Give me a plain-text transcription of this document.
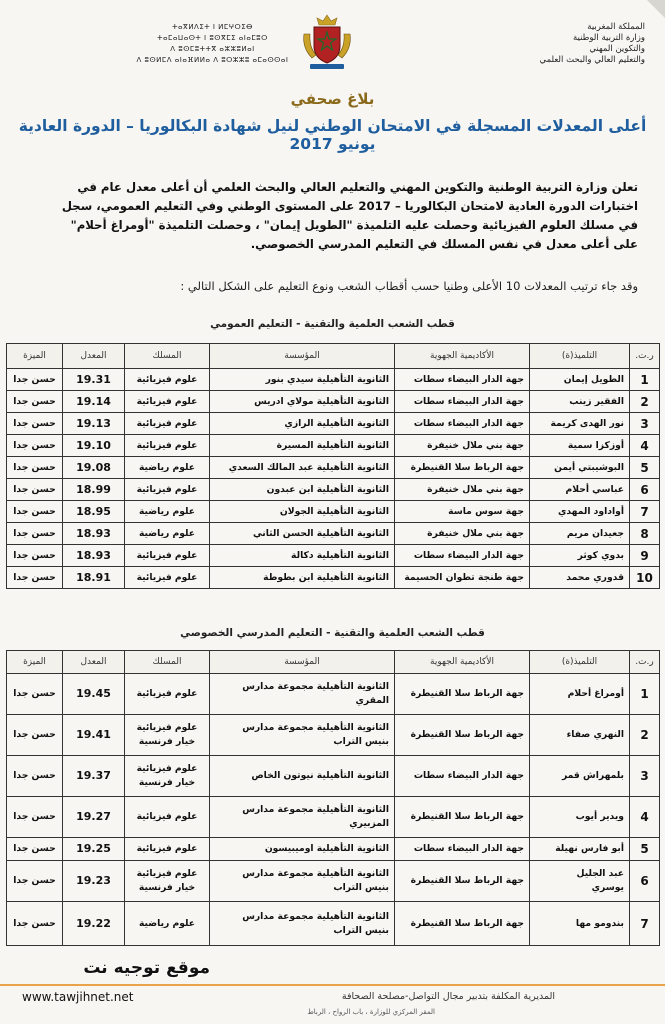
المملكة المغربية
وزارة التربية الوطنية
والتكوين المهني
والتعليم العالي والبحث العلمي
ⵜⴰⴳⵍⴷⵉⵜ ⵏ ⵍⵎⵖⵔⵉⴱ
ⵜⴰⵎⴰⵡⴰⵙⵜ ⵏ ⵓⵙⴳⵎⵉ ⴰⵏⴰⵎⵓⵔ
ⴷ ⵓⵙⵎⵓⵜⵜⴳ ⴰⵣⵣⵓⵍⴰⵏ
ⴷ ⵓⵙⵍⵎⴷ ⴰⵏⴰⴼⵍⵍⴰ ⴷ ⵓⵔⵣⵣⵓ ⴰⵎⴰⵙⵙⴰⵏ
بلاغ صحفي
أعلى المعدلات المسجلة في الامتحان الوطني لنيل شهادة البكالوريا – الدورة العادية يونيو 2017

تعلن وزارة التربية الوطنية والتكوين المهني والتعليم العالي والبحث العلمي أن أعلى معدل عام في

اختبارات الدورة العادية لامتحان البكالوريا – 2017 على المستوى الوطني وفي التعليم العمومي، سجل

في مسلك العلوم الفيزيائية وحصلت عليه التلميذة "الطويل إيمان" ، وحصلت التلميذة "أومراغ أحلام"

على أعلى معدل في نفس المسلك في التعليم المدرسي الخصوصي.

وقد جاء ترتيب المعدلات 10 الأعلى وطنيا حسب أقطاب الشعب ونوع التعليم على الشكل التالي :
قطب الشعب العلمية والتقنية - التعليم العمومي
ر.ت.	التلميذ(ة)	الأكاديمية الجهوية	المؤسسة	المسلك	المعدل	الميزة

1	الطويل إيمان	جهة الدار البيضاء سطات	الثانوية التأهيلية سيدي بنور	علوم فيزيائية	19.31	حسن جدا

2	الفقير زينب	جهة الدار البيضاء سطات	الثانوية التأهيلية مولاي ادريس	علوم فيزيائية	19.14	حسن جدا

3	نور الهدى كريمة	جهة الدار البيضاء سطات	الثانوية التأهيلية الرازي	علوم فيزيائية	19.13	حسن جدا

4	أوزكزا سمية	جهة بني ملال خنيفرة	الثانوية التأهيلية المسيرة	علوم فيزيائية	19.10	حسن جدا

5	البوشيبتي أيمن	جهة الرباط سلا القنيطرة	الثانوية التأهيلية عبد المالك السعدي	علوم رياضية	19.08	حسن جدا

6	عباسي أحلام	جهة بني ملال خنيفرة	الثانوية التأهيلية ابن عبدون	علوم فيزيائية	18.99	حسن جدا

7	أواداود المهدي	جهة سوس ماسة	الثانوية التأهيلية الجولان	علوم رياضية	18.95	حسن جدا

8	جعيدان مريم	جهة بني ملال خنيفرة	الثانوية التأهيلية الحسن الثاني	علوم رياضية	18.93	حسن جدا

9	بدوي كوثر	جهة الدار البيضاء سطات	الثانوية التأهيلية دكالة	علوم فيزيائية	18.93	حسن جدا

10	قدوري محمد	جهة طنجة تطوان الحسيمة	الثانوية التأهيلية ابن بطوطة	علوم فيزيائية	18.91	حسن جدا
قطب الشعب العلمية والتقنية - التعليم المدرسي الخصوصي
ر.ت.	التلميذ(ة)	الأكاديمية الجهوية	المؤسسة	المسلك	المعدل	الميزة

1	أومراغ أحلام	جهة الرباط سلا القنيطرة	الثانوية التأهيلية مجموعة مدارس
المقري	علوم فيزيائية	19.45	حسن جدا

2	النهري صفاء	جهة الرباط سلا القنيطرة	الثانوية التأهيلية مجموعة مدارس
بنيس التراب	علوم فيزيائية
خيار فرنسية	19.41	حسن جدا

3	بلمهراش قمر	جهة الدار البيضاء سطات	الثانوية التأهيلية نيوتون الخاص	علوم فيزيائية
خيار فرنسية	19.37	حسن جدا

4	ويدير أيوب	جهة الرباط سلا القنيطرة	الثانوية التأهيلية مجموعة مدارس
المزبيري	علوم فيزيائية	19.27	حسن جدا

5	أبو فارس نهيلة	جهة الدار البيضاء سطات	الثانوية التأهيلية اوميبيسون	علوم فيزيائية	19.25	حسن جدا

6	عبد الجليل
يوسري	جهة الرباط سلا القنيطرة	الثانوية التأهيلية مجموعة مدارس
بنيس التراب	علوم فيزيائية
خيار فرنسية	19.23	حسن جدا

7	بندومو مها	جهة الرباط سلا القنيطرة	الثانوية التأهيلية مجموعة مدارس
بنيس التراب	علوم رياضية	19.22	حسن جدا
موقع توجيه نت
www.tawjihnet.net	المديرية المكلفة بتدبير مجال التواصل-مصلحة الصحافة
المقر المركزي للوزارة ، باب الرواح ، الرباط
